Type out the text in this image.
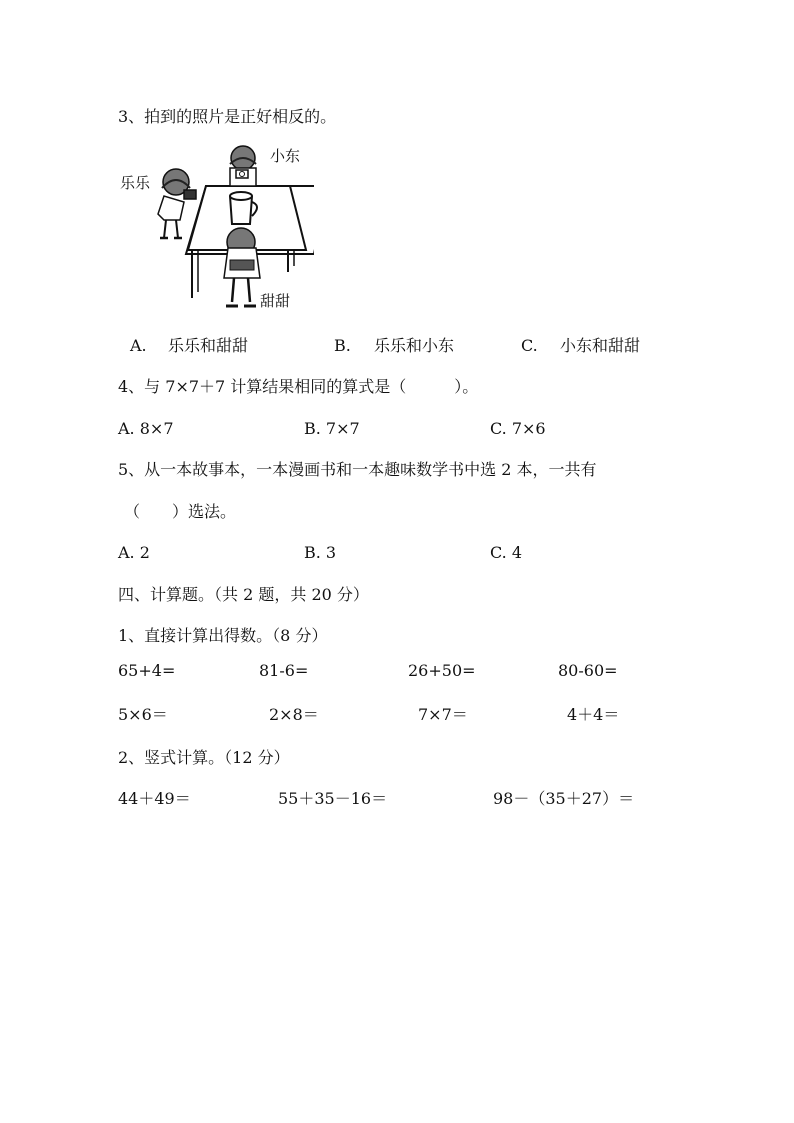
3、拍到的照片是正好相反的。
小东
乐乐
甜甜
A. 乐乐和甜甜	B. 乐乐和小东	C. 小东和甜甜
4、与 7×7＋7 计算结果相同的算式是（　　　）。
A. 8×7	B. 7×7	C. 7×6
5、从一本故事本，一本漫画书和一本趣味数学书中选 2 本，一共有
（　　）选法。
A. 2	B. 3	C. 4
四、计算题。（共 2 题，共 20 分）
1、直接计算出得数。（8 分）
65+4=	81-6=	26+50=	80-60=
5×6＝	2×8＝	7×7＝	4＋4＝
2、竖式计算。（12 分）
44＋49＝	55＋35－16＝	98－（35＋27）＝
